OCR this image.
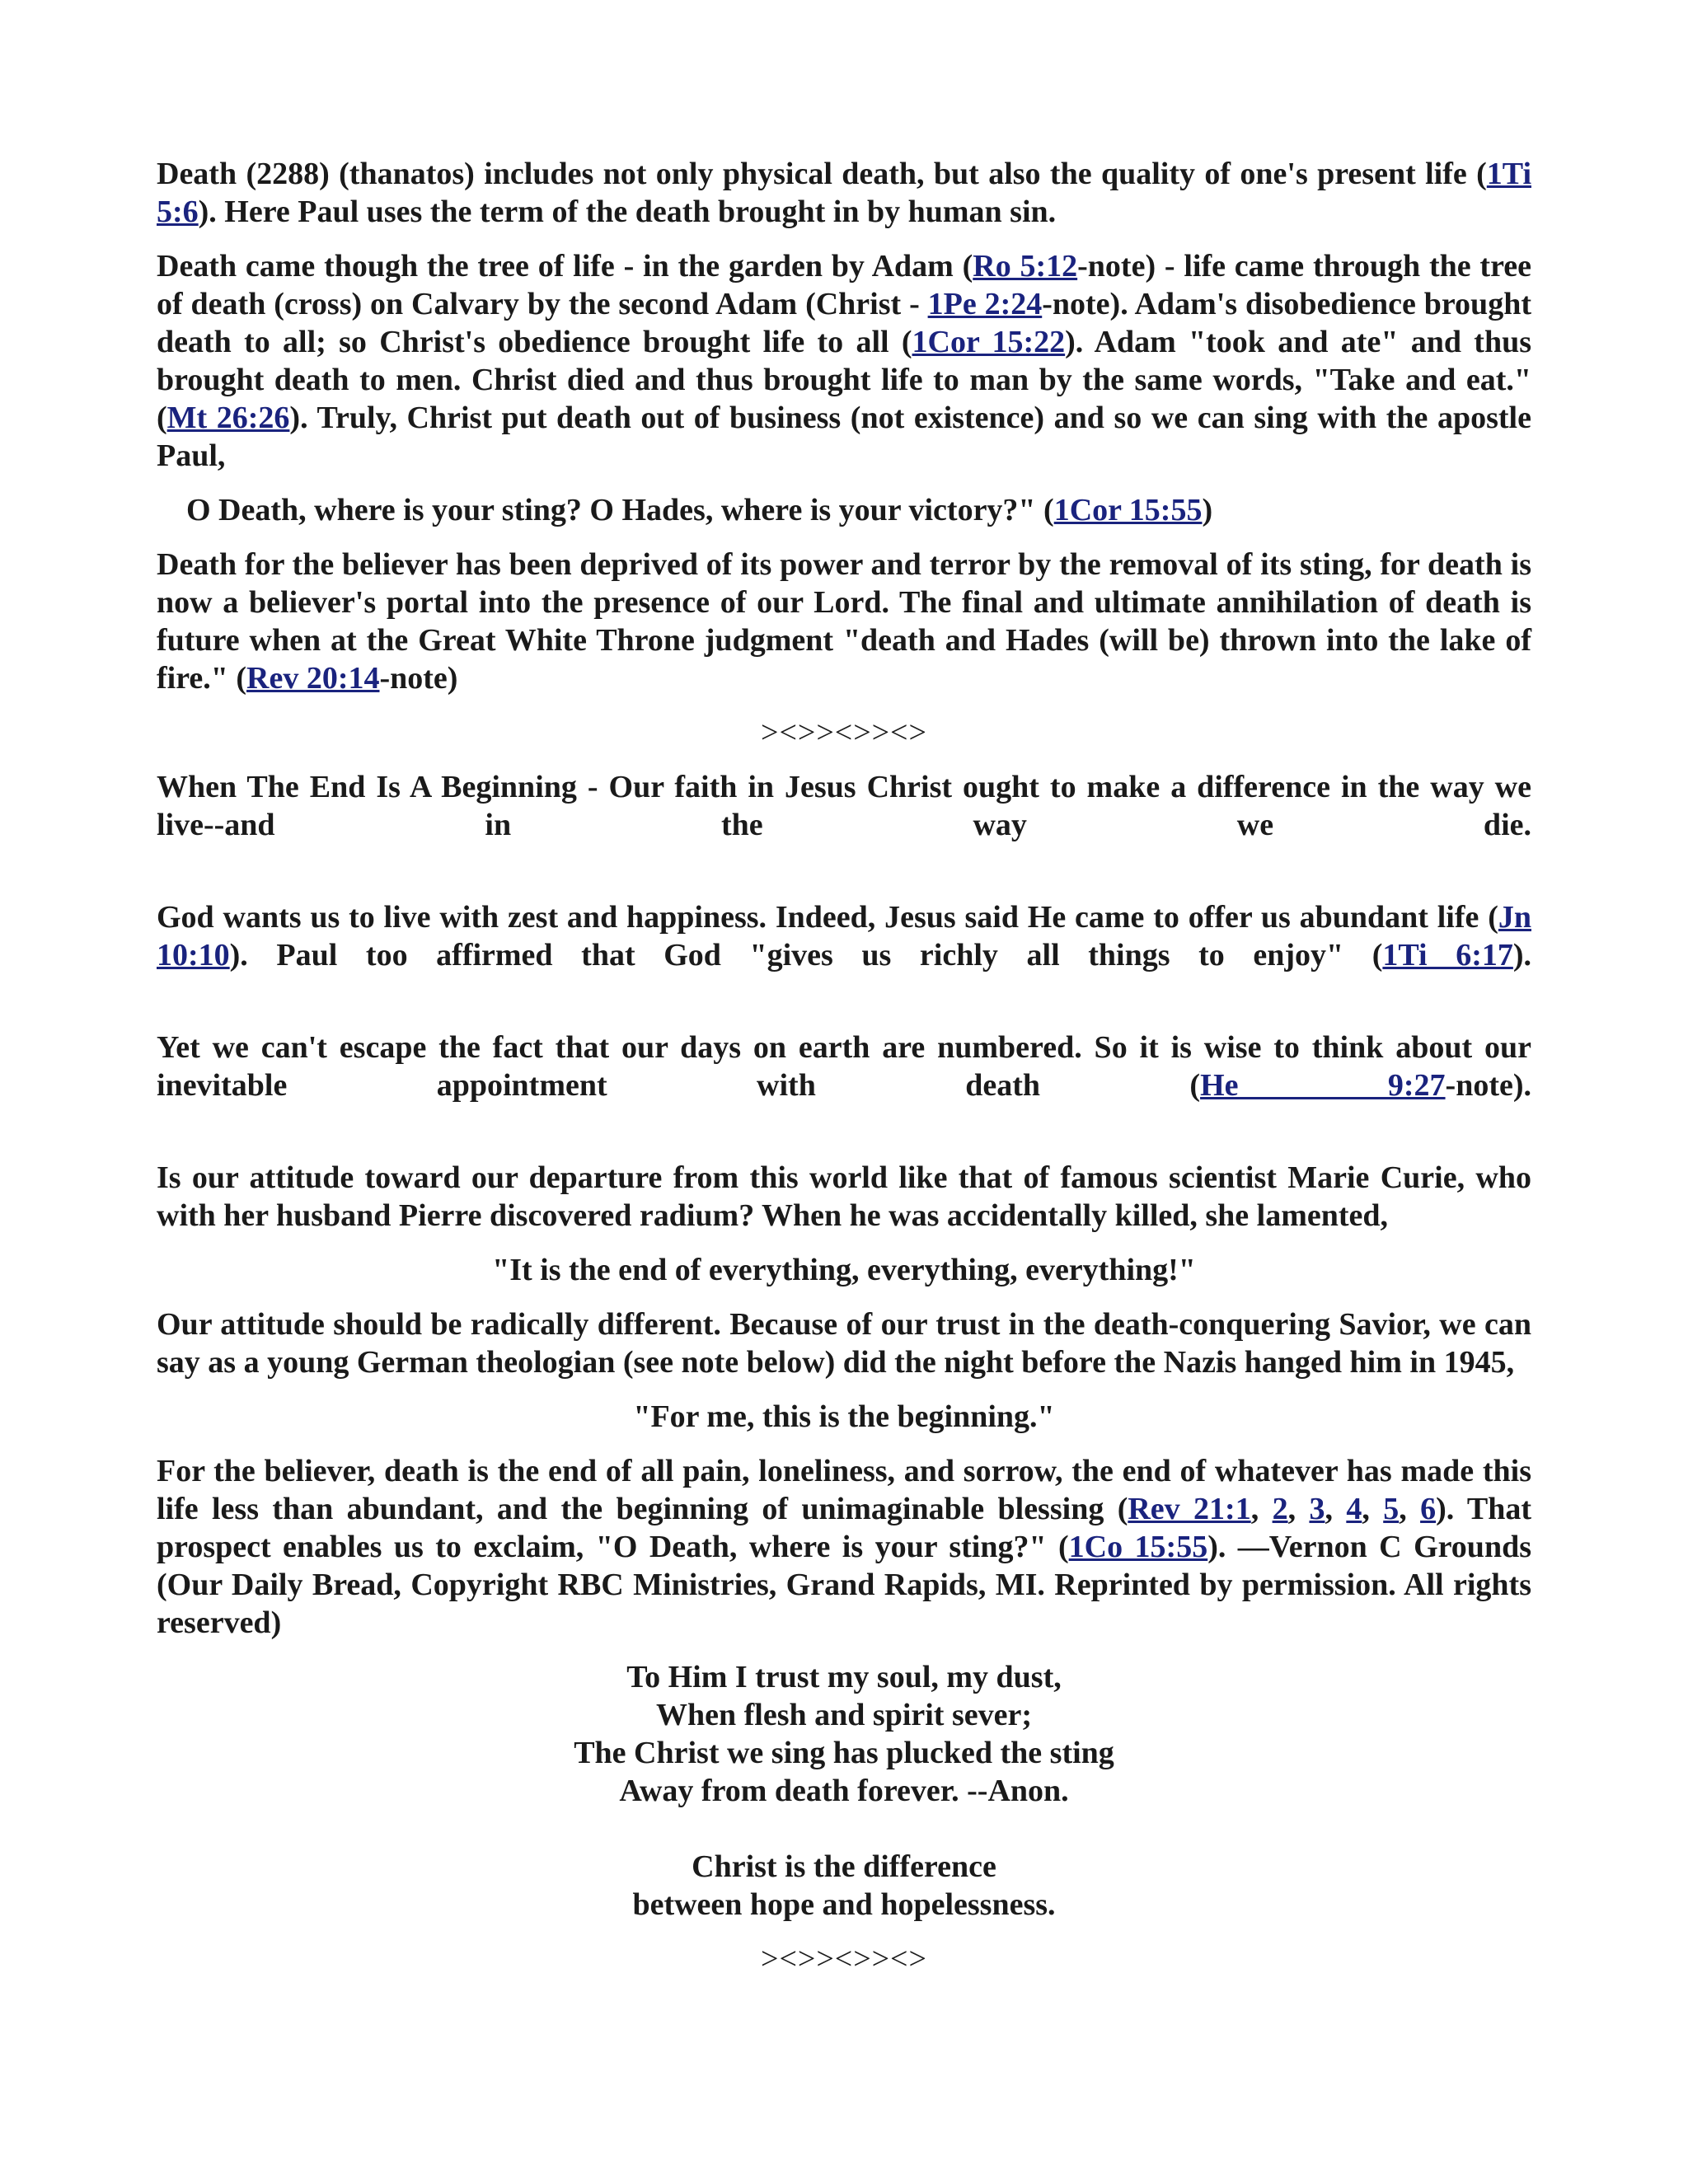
Death (2288) (thanatos) includes not only physical death, but also the quality of one's present life (1Ti 5:6). Here Paul uses the term of the death brought in by human sin.

Death came though the tree of life - in the garden by Adam (Ro 5:12-note) - life came through the tree of death (cross) on Calvary by the second Adam (Christ - 1Pe 2:24-note). Adam's disobedience brought death to all; so Christ's obedience brought life to all (1Cor 15:22). Adam "took and ate" and thus brought death to men. Christ died and thus brought life to man by the same words, "Take and eat." (Mt 26:26). Truly, Christ put death out of business (not existence) and so we can sing with the apostle Paul,

O Death, where is your sting? O Hades, where is your victory?" (1Cor 15:55)

Death for the believer has been deprived of its power and terror by the removal of its sting, for death is now a believer's portal into the presence of our Lord. The final and ultimate annihilation of death is future when at the Great White Throne judgment "death and Hades (will be) thrown into the lake of fire." (Rev 20:14-note)

><>><>><>

When The End Is A Beginning - Our faith in Jesus Christ ought to make a difference in the way we live--and in the way we die.

God wants us to live with zest and happiness. Indeed, Jesus said He came to offer us abundant life (Jn 10:10). Paul too affirmed that God "gives us richly all things to enjoy" (1Ti 6:17).

Yet we can't escape the fact that our days on earth are numbered. So it is wise to think about our inevitable appointment with death (He 9:27-note).

Is our attitude toward our departure from this world like that of famous scientist Marie Curie, who with her husband Pierre discovered radium? When he was accidentally killed, she lamented,

"It is the end of everything, everything, everything!"

Our attitude should be radically different. Because of our trust in the death-conquering Savior, we can say as a young German theologian (see note below) did the night before the Nazis hanged him in 1945,

"For me, this is the beginning."

For the believer, death is the end of all pain, loneliness, and sorrow, the end of whatever has made this life less than abundant, and the beginning of unimaginable blessing (Rev 21:1, 2, 3, 4, 5, 6). That prospect enables us to exclaim, "O Death, where is your sting?" (1Co 15:55). —Vernon C Grounds (Our Daily Bread, Copyright RBC Ministries, Grand Rapids, MI. Reprinted by permission. All rights reserved)

To Him I trust my soul, my dust,
When flesh and spirit sever;
The Christ we sing has plucked the sting
Away from death forever. --Anon.
Christ is the difference
between hope and hopelessness.

><>><>><>
